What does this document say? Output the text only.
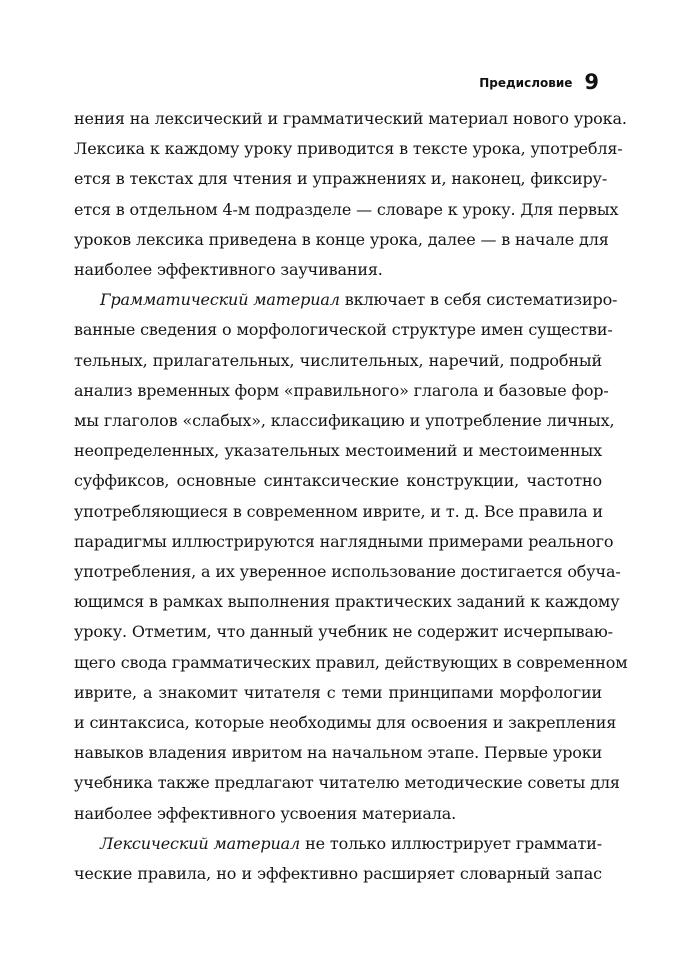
Предисловие 9

нения на лексический и грамматический материал нового урока.
Лексика к каждому уроку приводится в тексте урока, употребля-
ется в текстах для чтения и упражнениях и, наконец, фиксиру-
ется в отдельном 4-м подразделе — словаре к уроку. Для первых
уроков лексика приведена в конце урока, далее — в начале для
наиболее эффективного заучивания.

Грамматический материал включает в себя систематизиро-
ванные сведения о морфологической структуре имен существи-
тельных, прилагательных, числительных, наречий, подробный
анализ временных форм «правильного» глагола и базовые фор-
мы глаголов «слабых», классификацию и употребление личных,
неопределенных, указательных местоимений и местоименных
суффиксов, основные синтаксические конструкции, частотно
употребляющиеся в современном иврите, и т. д. Все правила и
парадигмы иллюстрируются наглядными примерами реального
употребления, а их уверенное использование достигается обуча-
ющимся в рамках выполнения практических заданий к каждому
уроку. Отметим, что данный учебник не содержит исчерпываю-
щего свода грамматических правил, действующих в современном
иврите, а знакомит читателя с теми принципами морфологии
и синтаксиса, которые необходимы для освоения и закрепления
навыков владения ивритом на начальном этапе. Первые уроки
учебника также предлагают читателю методические советы для
наиболее эффективного усвоения материала.

Лексический материал не только иллюстрирует граммати-
ческие правила, но и эффективно расширяет словарный запас
